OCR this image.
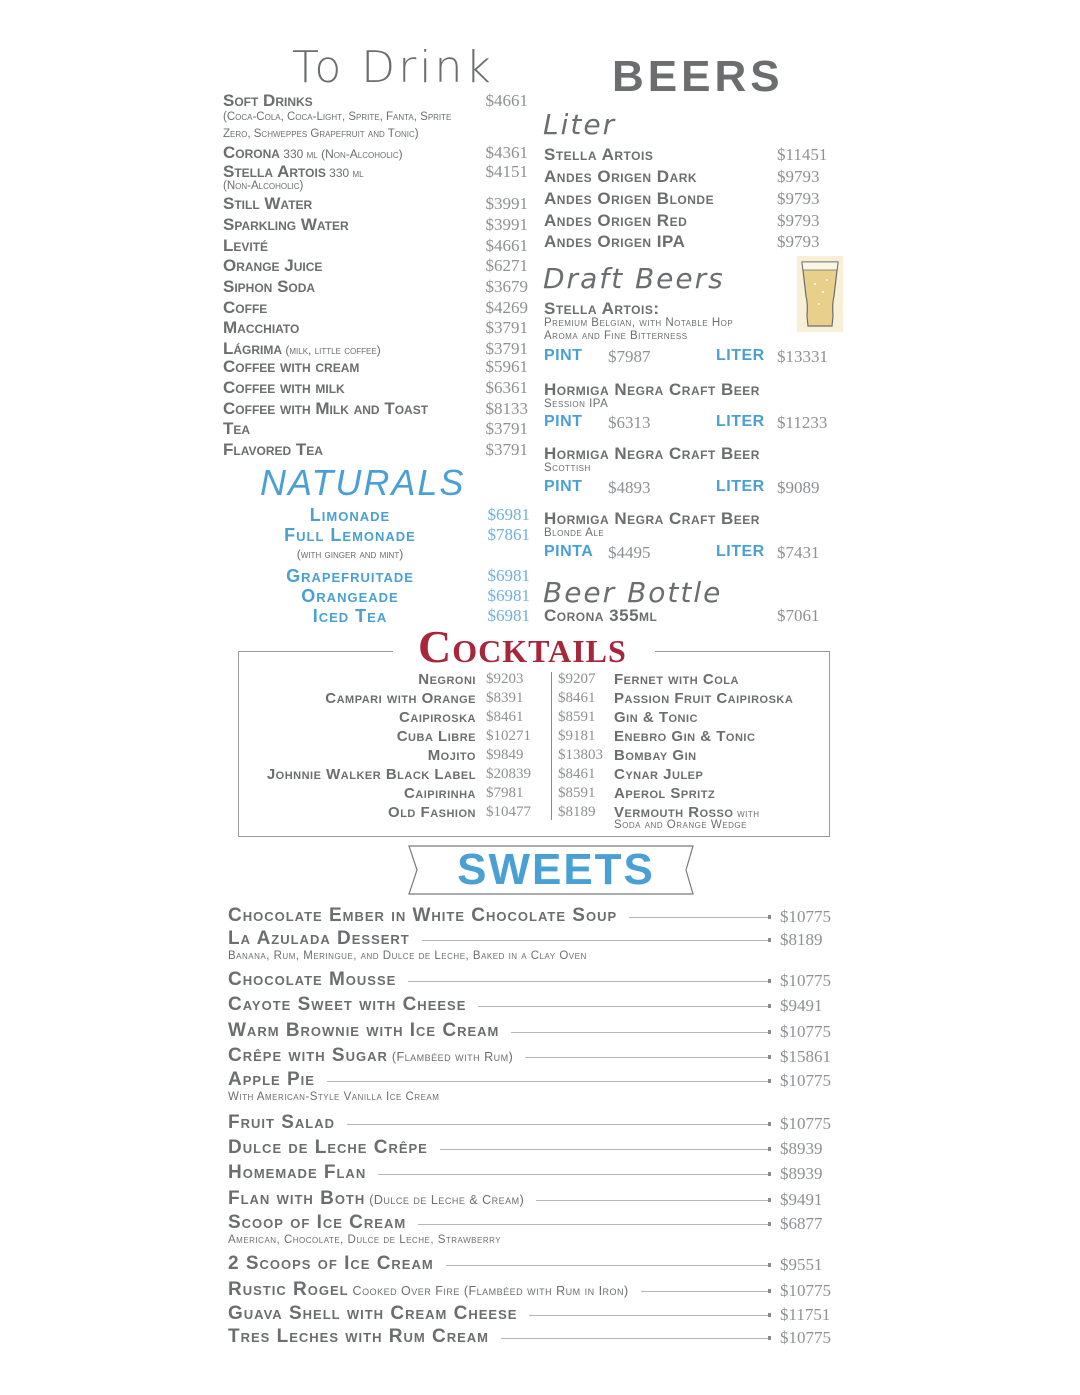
To Drink
Soft Drinks	$4661
(Coca-Cola, Coca-Light, Sprite, Fanta, Sprite
Zero, Schweppes Grapefruit and Tonic)
Corona 330 ml (Non-Alcoholic)	$4361
Stella Artois 330 ml	$4151
(Non-Alcoholic)
Still Water	$3991
Sparkling Water	$3991
Levité	$4661
Orange Juice	$6271
Siphon Soda	$3679
Coffe	$4269
Macchiato	$3791
Lágrima (milk, little coffee)	$3791
Coffee with cream	$5961
Coffee with milk	$6361
Coffee with Milk and Toast	$8133
Tea	$3791
Flavored Tea	$3791
NATURALS
Limonade	$6981
Full Lemonade	$7861
(with ginger and mint)
Grapefruitade	$6981
Orangeade	$6981
Iced Tea	$6981
BEERS
Liter
Stella Artois	$11451
Andes Origen Dark	$9793
Andes Origen Blonde	$9793
Andes Origen Red	$9793
Andes Origen IPA	$9793
Draft Beers
Stella Artois:
Premium Belgian, with Notable Hop
Aroma and Fine Bitterness
PINT $7987	LITER $13331
Hormiga Negra Craft Beer
Session IPA
PINT $6313	LITER $11233
Hormiga Negra Craft Beer
Scottish
PINT $4893	LITER $9089
Hormiga Negra Craft Beer
Blonde Ale
PINTA $4495	LITER $7431
Beer Bottle
Corona 355ml	$7061
Cocktails
Negroni $9203
Campari with Orange $8391
Caipiroska $8461
Cuba Libre $10271
Mojito $9849
Johnnie Walker Black Label $20839
Caipirinha $7981
Old Fashion $10477
$9207 Fernet with Cola
$8461 Passion Fruit Caipiroska
$8591 Gin & Tonic
$9181 Enebro Gin & Tonic
$13803 Bombay Gin
$8461 Cynar Julep
$8591 Aperol Spritz
$8189 Vermouth Rosso with
Soda and Orange Wedge
SWEETS
Chocolate Ember in White Chocolate Soup	$10775
La Azulada Dessert	$8189
Banana, Rum, Meringue, and Dulce de Leche, Baked in a Clay Oven
Chocolate Mousse	$10775
Cayote Sweet with Cheese	$9491
Warm Brownie with Ice Cream	$10775
Crêpe with Sugar (Flambéed with Rum)	$15861
Apple Pie	$10775
With American-Style Vanilla Ice Cream
Fruit Salad	$10775
Dulce de Leche Crêpe	$8939
Homemade Flan	$8939
Flan with Both (Dulce de Leche & Cream)	$9491
Scoop of Ice Cream	$6877
American, Chocolate, Dulce de Leche, Strawberry
2 Scoops of Ice Cream	$9551
Rustic Rogel Cooked Over Fire (Flambéed with Rum in Iron)	$10775
Guava Shell with Cream Cheese	$11751
Tres Leches with Rum Cream	$10775
